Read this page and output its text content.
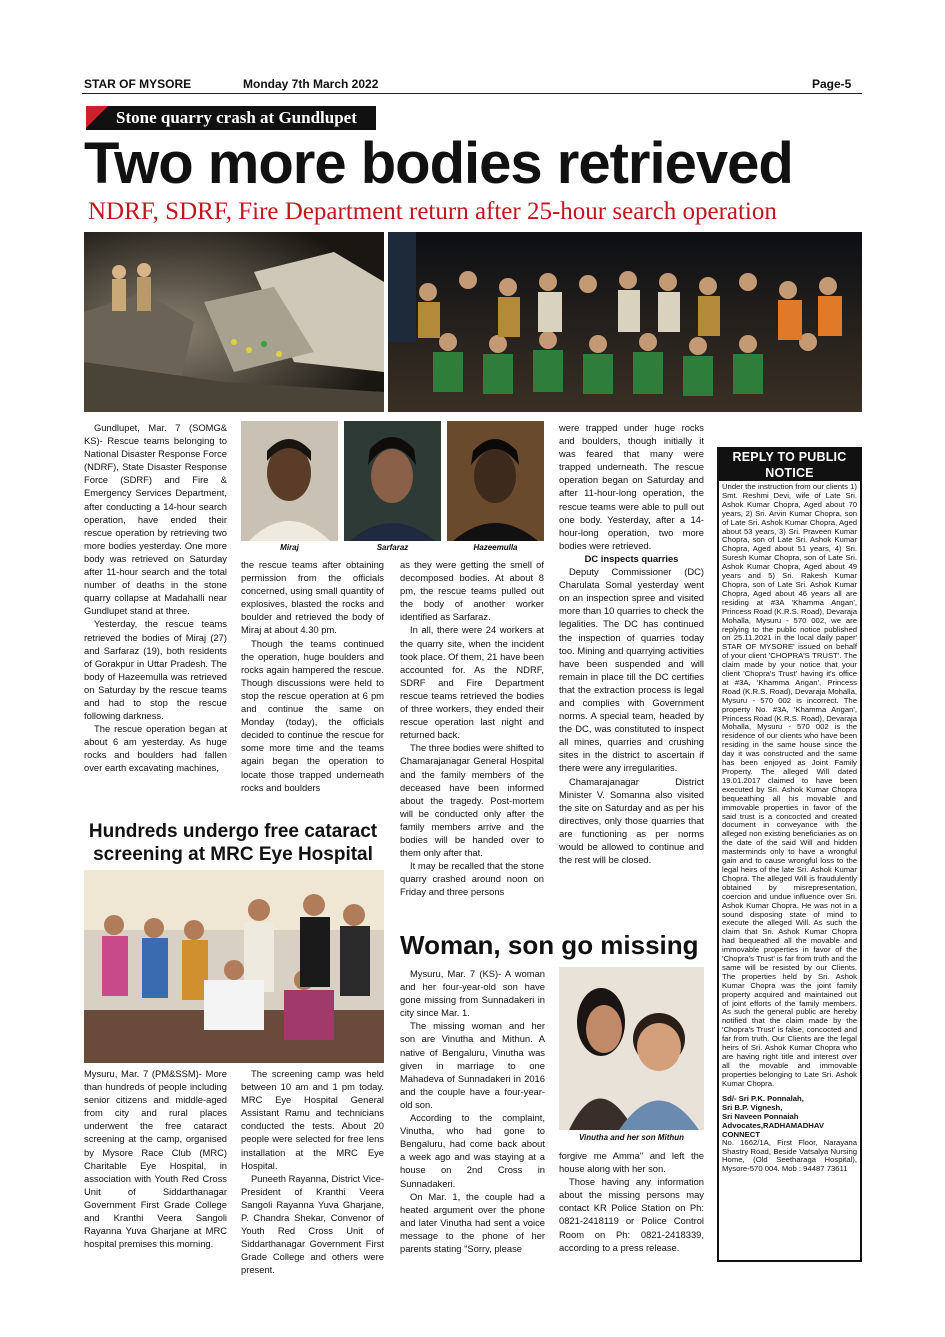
STAR OF MYSORE	Monday 7th March 2022	Page-5
Stone quarry crash at Gundlupet
Two more bodies retrieved
NDRF, SDRF, Fire Department return after 25-hour search operation

Gundlupet, Mar. 7 (SOMG& KS)- Rescue teams belonging to National Disaster Response Force (NDRF), State Disaster Response Force (SDRF) and Fire & Emergency Services Department, after conducting a 14-hour search operation, have ended their rescue operation by retrieving two more bodies yesterday. One more body was retrieved on Saturday after 11-hour search and the total number of deaths in the stone quarry collapse at Madahalli near Gundlupet stand at three.

Yesterday, the rescue teams retrieved the bodies of Miraj (27) and Sarfaraz (19), both residents of Gorakpur in Uttar Pradesh. The body of Hazeemulla was retrieved on Saturday by the rescue teams and had to stop the rescue following darkness.

The rescue operation began at about 6 am yesterday. As huge rocks and boulders had fallen over earth excavating machines,

Miraj	Sarfaraz	Hazeemulla

the rescue teams after obtaining permission from the officials concerned, using small quantity of explosives, blasted the rocks and boulder and retrieved the body of Miraj at about 4.30 pm.

Though the teams continued the operation, huge boulders and rocks again hampered the rescue. Though discussions were held to stop the rescue operation at 6 pm and continue the same on Monday (today), the officials decided to continue the rescue for some more time and the teams again began the operation to locate those trapped underneath rocks and boulders

as they were getting the smell of decomposed bodies. At about 8 pm, the rescue teams pulled out the body of another worker identified as Sarfaraz.

In all, there were 24 workers at the quarry site, when the incident took place. Of them, 21 have been accounted for. As the NDRF, SDRF and Fire Department rescue teams retrieved the bodies of three workers, they ended their rescue operation last night and returned back.

The three bodies were shifted to Chamarajanagar General Hospital and the family members of the deceased have been informed about the tragedy. Post-mortem will be conducted only after the family members arrive and the bodies will be handed over to them only after that.

It may be recalled that the stone quarry crashed around noon on Friday and three persons

were trapped under huge rocks and boulders, though initially it was feared that many were trapped underneath. The rescue operation began on Saturday and after 11-hour-long operation, the rescue teams were able to pull out one body. Yesterday, after a 14-hour-long operation, two more bodies were retrieved.

DC inspects quarries

Deputy Commissioner (DC) Charulata Somal yesterday went on an inspection spree and visited more than 10 quarries to check the legalities. The DC has continued the inspection of quarries today too. Mining and quarrying activities have been suspended and will remain in place till the DC certifies that the extraction process is legal and complies with Government norms. A special team, headed by the DC, was constituted to inspect all mines, quarries and crushing sites in the district to ascertain if there were any irregularities.

Chamarajanagar District Minister V. Somanna also visited the site on Saturday and as per his directives, only those quarries that are functioning as per norms would be allowed to continue and the rest will be closed.

Hundreds undergo free cataract
screening at MRC Eye Hospital

Mysuru, Mar. 7 (PM&SSM)- More than hundreds of people including senior citizens and middle-aged from city and rural places underwent the free cataract screening at the camp, organised by Mysore Race Club (MRC) Charitable Eye Hospital, in association with Youth Red Cross Unit of Siddarthanagar Government First Grade College and Kranthi Veera Sangoli Rayanna Yuva Gharjane at MRC hospital premises this morning.

The screening camp was held between 10 am and 1 pm today. MRC Eye Hospital General Assistant Ramu and technicians conducted the tests. About 20 people were selected for free lens installation at the MRC Eye Hospital.

Puneeth Rayanna, District Vice-President of Kranthi Veera Sangoli Rayanna Yuva Gharjane, P. Chandra Shekar, Convenor of Youth Red Cross Unit of Siddarthanagar Government First Grade College and others were present.

Woman, son go missing

Mysuru, Mar. 7 (KS)- A woman and her four-year-old son have gone missing from Sunnadakeri in city since Mar. 1.

The missing woman and her son are Vinutha and Mithun. A native of Bengaluru, Vinutha was given in marriage to one Mahadeva of Sunnadakeri in 2016 and the couple have a four-year-old son.

According to the complaint, Vinutha, who had gone to Bengaluru, had come back about a week ago and was staying at a house on 2nd Cross in Sunnadakeri.

On Mar. 1, the couple had a heated argument over the phone and later Vinutha had sent a voice message to the phone of her parents stating "Sorry, please

Vinutha and her son Mithun

forgive me Amma" and left the house along with her son.

Those having any information about the missing persons may contact KR Police Station on Ph: 0821-2418119 or Police Control Room on Ph: 0821-2418339, according to a press release.

REPLY TO PUBLIC NOTICE
Under the instruction from our clients 1) Smt. Reshmi Devi, wife of Late Sri. Ashok Kumar Chopra, Aged about 70 years, 2) Sri. Arvin Kumar Chopra, son of Late Sri. Ashok Kumar Chopra, Aged about 53 years, 3) Sri. Praveen Kumar Chopra, son of Late Sri. Ashok Kumar Chopra, Aged about 51 years, 4) Sri. Suresh Kumar Chopra, son of Late Sri. Ashok Kumar Chopra, Aged about 49 years and 5) Sri. Rakesh Kumar Chopra, son of Late Sri. Ashok Kumar Chopra, Aged about 46 years all are residing at #3A 'Khamma Angan', Princess Road (K.R.S. Road), Devaraja Mohalla, Mysuru - 570 002, we are replying to the public notice published on 25.11.2021 in the local daily paper' STAR OF MYSORE' issued on behalf of your client 'CHOPRA'S TRUST'. The claim made by your notice that your client 'Chopra's Trust' having it's office at #3A, 'Khamma Angan', Princess Road (K.R.S. Road), Devaraja Mohalla, Mysuru - 570 002 is incorrect. The property No. #3A, 'Khamma Angan', Princess Road (K.R.S. Road), Devaraja Mohalla, Mysuru - 570 002 is the residence of our clients who have been residing in the same house since the day it was constructed and the same has been enjoyed as Joint Family Property. The alleged Will dated 19.01.2017 claimed to have been executed by Sri. Ashok Kumar Chopra bequeathing all his movable and immovable properties in favor of the said trust is a concocted and created document in conveyance with the alleged non existing beneficiaries as on the date of the said Will and hidden masterminds only to have a wrongful gain and to cause wrongful loss to the legal heirs of the late Sri. Ashok Kumar Chopra. The alleged Will is fraudulently obtained by misrepresentation, coercion and undue influence over Sri. Ashok Kumar Chopra. He was not in a sound disposing state of mind to execute the alleged Will. As such the claim that Sri. Ashok Kumar Chopra had bequeathed all the movable and immovable properties in favor of the 'Chopra's Trust' is far from truth and the same will be resisted by our Clients. The properties held by Sri. Ashok Kumar Chopra was the joint family property acquired and maintained out of joint efforts of the family members. As such the general public are hereby notified that the claim made by the 'Chopra's Trust' is false, concocted and far from truth. Our Clients are the legal heirs of Sri. Ashok Kumar Chopra who are having right title and interest over all the movable and immovable properties belonging to Late Sri. Ashok Kumar Chopra.
Sd/- Sri P.K. Ponnalah,
Sri B.P. Vignesh,
Sri Naveen Ponnaiah
Advocates,RADHAMADHAV CONNECT
No. 1662/1A, First Floor, Narayana Shastry Road, Beside Vatsalya Nursing Home, (Old Seetharaga Hospital), Mysore-570 004. Mob : 94487 73611
